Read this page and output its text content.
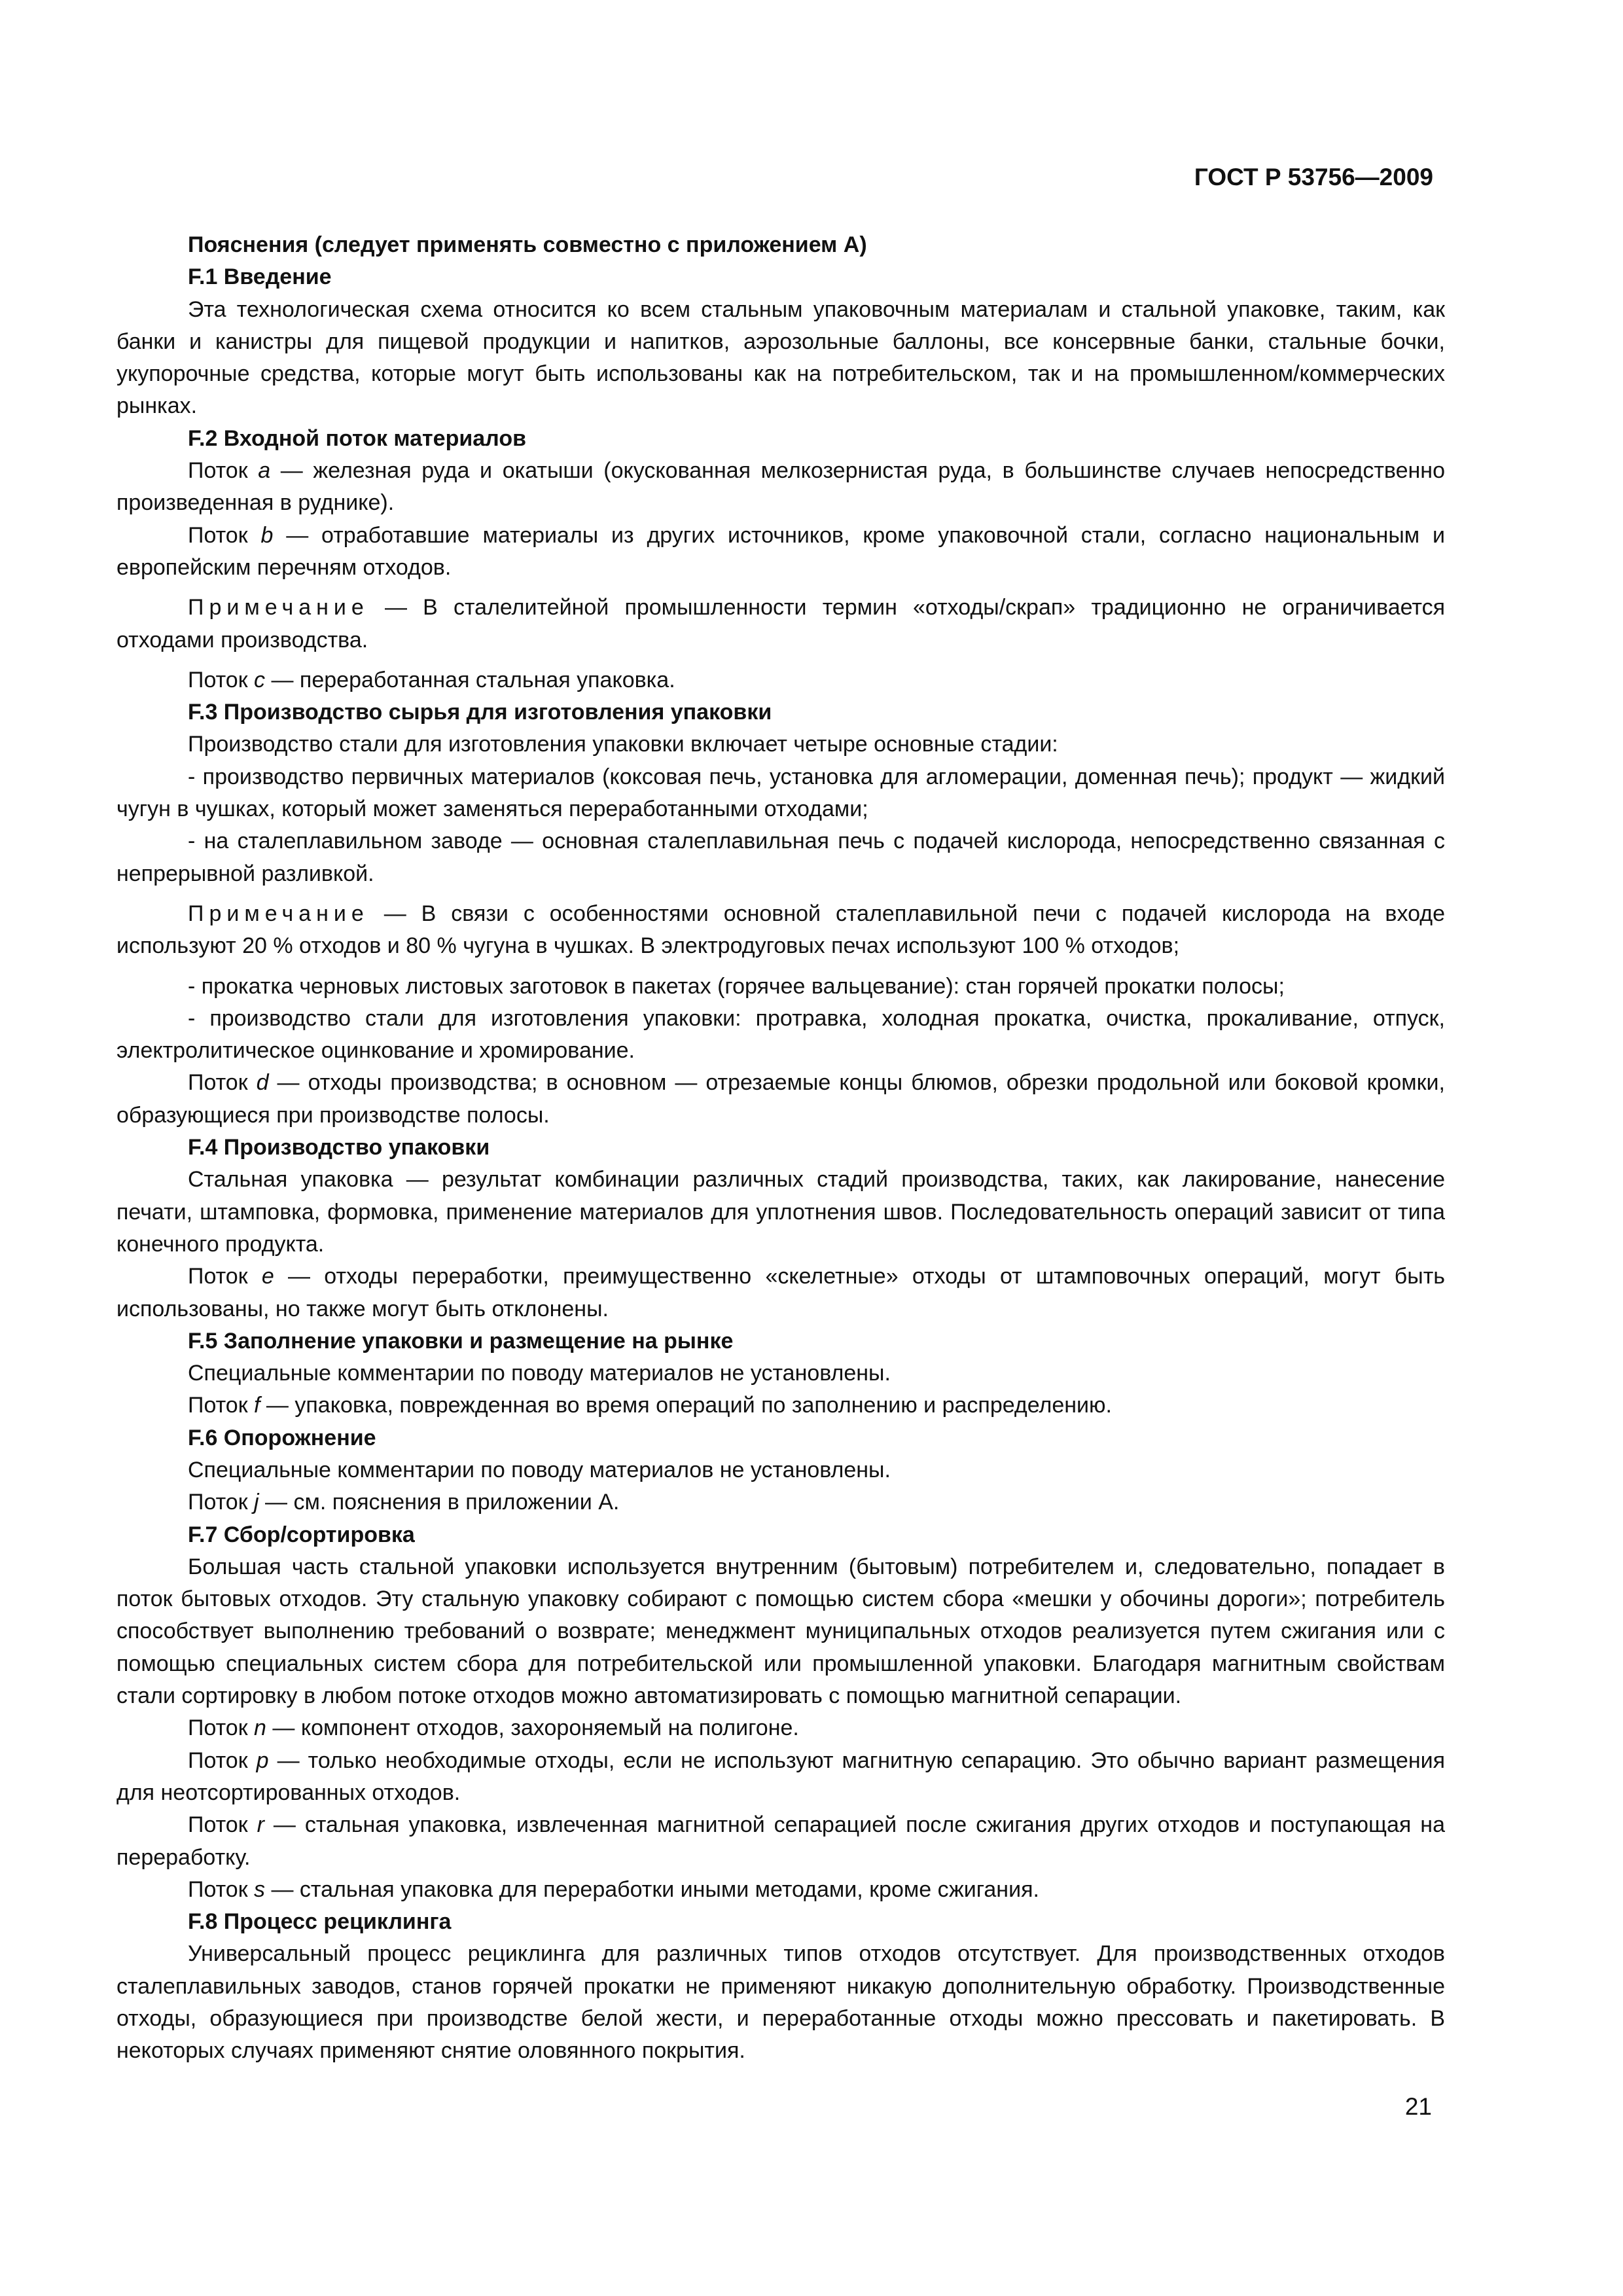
ГОСТ Р 53756—2009

Пояснения (следует применять совместно с приложением А)

F.1 Введение

Эта технологическая схема относится ко всем стальным упаковочным материалам и стальной упаковке, таким, как банки и канистры для пищевой продукции и напитков, аэрозольные баллоны, все консервные банки, стальные бочки, укупорочные средства, которые могут быть использованы как на потребительском, так и на промышленном/коммерческих рынках.

F.2 Входной поток материалов

Поток а — железная руда и окатыши (окускованная мелкозернистая руда, в большинстве случаев непосредственно произведенная в руднике).

Поток b — отработавшие материалы из других источников, кроме упаковочной стали, согласно национальным и европейским перечням отходов.

Примечание — В сталелитейной промышленности термин «отходы/скрап» традиционно не ограничивается отходами производства.

Поток с — переработанная стальная упаковка.

F.3 Производство сырья для изготовления упаковки

Производство стали для изготовления упаковки включает четыре основные стадии:

- производство первичных материалов (коксовая печь, установка для агломерации, доменная печь); продукт — жидкий чугун в чушках, который может заменяться переработанными отходами;

- на сталеплавильном заводе — основная сталеплавильная печь с подачей кислорода, непосредственно связанная с непрерывной разливкой.

Примечание — В связи с особенностями основной сталеплавильной печи с подачей кислорода на входе используют 20 % отходов и 80 % чугуна в чушках. В электродуговых печах используют 100 % отходов;

- прокатка черновых листовых заготовок в пакетах (горячее вальцевание): стан горячей прокатки полосы;

- производство стали для изготовления упаковки: протравка, холодная прокатка, очистка, прокаливание, отпуск, электролитическое оцинкование и хромирование.

Поток d — отходы производства; в основном — отрезаемые концы блюмов, обрезки продольной или боковой кромки, образующиеся при производстве полосы.

F.4 Производство упаковки

Стальная упаковка — результат комбинации различных стадий производства, таких, как лакирование, нанесение печати, штамповка, формовка, применение материалов для уплотнения швов. Последовательность операций зависит от типа конечного продукта.

Поток е — отходы переработки, преимущественно «скелетные» отходы от штамповочных операций, могут быть использованы, но также могут быть отклонены.

F.5 Заполнение упаковки и размещение на рынке

Специальные комментарии по поводу материалов не установлены.

Поток f — упаковка, поврежденная во время операций по заполнению и распределению.

F.6 Опорожнение

Специальные комментарии по поводу материалов не установлены.

Поток j — см. пояснения в приложении А.

F.7 Сбор/сортировка

Большая часть стальной упаковки используется внутренним (бытовым) потребителем и, следовательно, попадает в поток бытовых отходов. Эту стальную упаковку собирают с помощью систем сбора «мешки у обочины дороги»; потребитель способствует выполнению требований о возврате; менеджмент муниципальных отходов реализуется путем сжигания или с помощью специальных систем сбора для потребительской или промышленной упаковки. Благодаря магнитным свойствам стали сортировку в любом потоке отходов можно автоматизировать с помощью магнитной сепарации.

Поток n — компонент отходов, захороняемый на полигоне.

Поток р — только необходимые отходы, если не используют магнитную сепарацию. Это обычно вариант размещения для неотсортированных отходов.

Поток r — стальная упаковка, извлеченная магнитной сепарацией после сжигания других отходов и поступающая на переработку.

Поток s — стальная упаковка для переработки иными методами, кроме сжигания.

F.8 Процесс рециклинга

Универсальный процесс рециклинга для различных типов отходов отсутствует. Для производственных отходов сталеплавильных заводов, станов горячей прокатки не применяют никакую дополнительную обработку. Производственные отходы, образующиеся при производстве белой жести, и переработанные отходы можно прессовать и пакетировать. В некоторых случаях применяют снятие оловянного покрытия.

21
